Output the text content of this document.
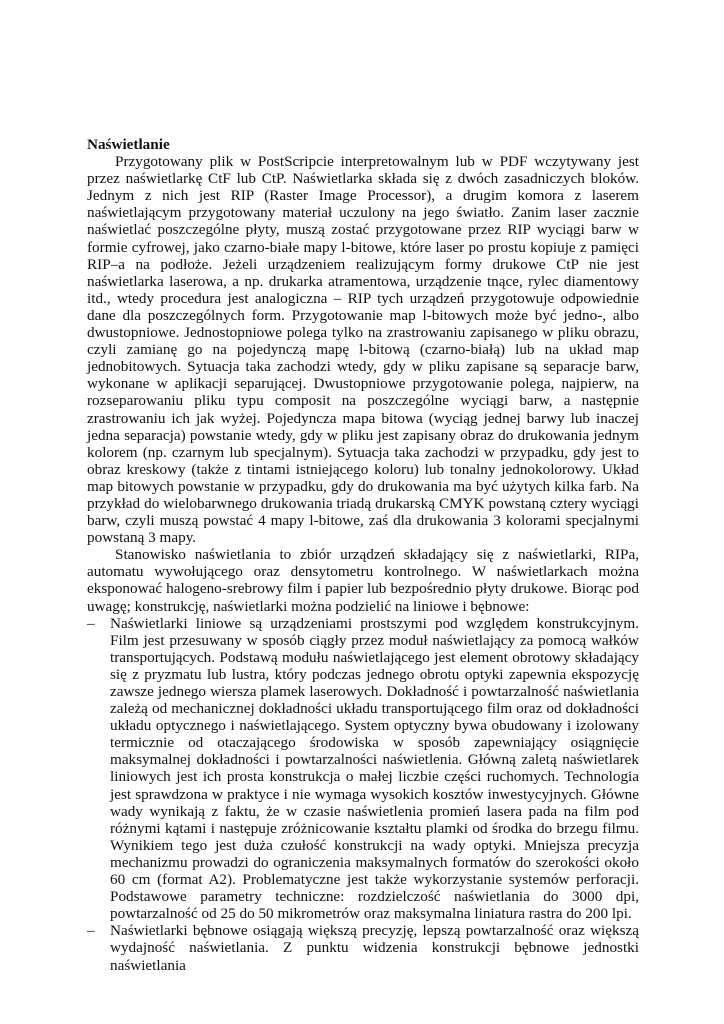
Naświetlanie

Przygotowany plik w PostScripcie interpretowalnym lub w PDF wczytywany jest przez naświetlarkę CtF lub CtP. Naświetlarka składa się z dwóch zasadniczych bloków. Jednym z nich jest RIP (Raster Image Processor), a drugim komora z laserem naświetlającym przygotowany materiał uczulony na jego światło. Zanim laser zacznie naświetlać poszczególne płyty, muszą zostać przygotowane przez RIP wyciągi barw w formie cyfrowej, jako czarno-białe mapy l-bitowe, które laser po prostu kopiuje z pamięci RIP–a na podłoże. Jeżeli urządzeniem realizującym formy drukowe CtP nie jest naświetlarka laserowa, a np. drukarka atramentowa, urządzenie tnące, rylec diamentowy itd., wtedy procedura jest analogiczna – RIP tych urządzeń przygotowuje odpowiednie dane dla poszczególnych form. Przygotowanie map l-bitowych może być jedno-, albo dwustopniowe. Jednostopniowe polega tylko na zrastrowaniu zapisanego w pliku obrazu, czyli zamianę go na pojedynczą mapę l-bitową (czarno-białą) lub na układ map jednobitowych. Sytuacja taka zachodzi wtedy, gdy w pliku zapisane są separacje barw, wykonane w aplikacji separującej. Dwustopniowe przygotowanie polega, najpierw, na rozseparowaniu pliku typu composit na poszczególne wyciągi barw, a następnie zrastrowaniu ich jak wyżej. Pojedyncza mapa bitowa (wyciąg jednej barwy lub inaczej jedna separacja) powstanie wtedy, gdy w pliku jest zapisany obraz do drukowania jednym kolorem (np. czarnym lub specjalnym). Sytuacja taka zachodzi w przypadku, gdy jest to obraz kreskowy (także z tintami istniejącego koloru) lub tonalny jednokolorowy. Układ map bitowych powstanie w przypadku, gdy do drukowania ma być użytych kilka farb. Na przykład do wielobarwnego drukowania triadą drukarską CMYK powstaną cztery wyciągi barw, czyli muszą powstać 4 mapy l-bitowe, zaś dla drukowania 3 kolorami specjalnymi powstaną 3 mapy.

Stanowisko naświetlania to zbiór urządzeń składający się z naświetlarki, RIPa, automatu wywołującego oraz densytometru kontrolnego. W naświetlarkach można eksponować halogeno-srebrowy film i papier lub bezpośrednio płyty drukowe. Biorąc pod uwagę; konstrukcję, naświetlarki można podzielić na liniowe i bębnowe:

– Naświetlarki liniowe są urządzeniami prostszymi pod względem konstrukcyjnym. Film jest przesuwany w sposób ciągły przez moduł naświetlający za pomocą wałków transportujących. Podstawą modułu naświetlającego jest element obrotowy składający się z pryzmatu lub lustra, który podczas jednego obrotu optyki zapewnia ekspozycję zawsze jednego wiersza plamek laserowych. Dokładność i powtarzalność naświetlania zależą od mechanicznej dokładności układu transportującego film oraz od dokładności układu optycznego i naświetlającego. System optyczny bywa obudowany i izolowany termicznie od otaczającego środowiska w sposób zapewniający osiągnięcie maksymalnej dokładności i powtarzalności naświetlenia. Główną zaletą naświetlarek liniowych jest ich prosta konstrukcja o małej liczbie części ruchomych. Technologia jest sprawdzona w praktyce i nie wymaga wysokich kosztów inwestycyjnych. Główne wady wynikają z faktu, że w czasie naświetlenia promień lasera pada na film pod różnymi kątami i następuje zróżnicowanie kształtu plamki od środka do brzegu filmu. Wynikiem tego jest duża czułość konstrukcji na wady optyki. Mniejsza precyzja mechanizmu prowadzi do ograniczenia maksymalnych formatów do szerokości około 60 cm (format A2). Problematyczne jest także wykorzystanie systemów perforacji. Podstawowe parametry techniczne: rozdzielczość naświetlania do 3000 dpi, powtarzalność od 25 do 50 mikrometrów oraz maksymalna liniatura rastra do 200 lpi.
– Naświetlarki bębnowe osiągają większą precyzję, lepszą powtarzalność oraz większą wydajność naświetlania. Z punktu widzenia konstrukcji bębnowe jednostki naświetlania
